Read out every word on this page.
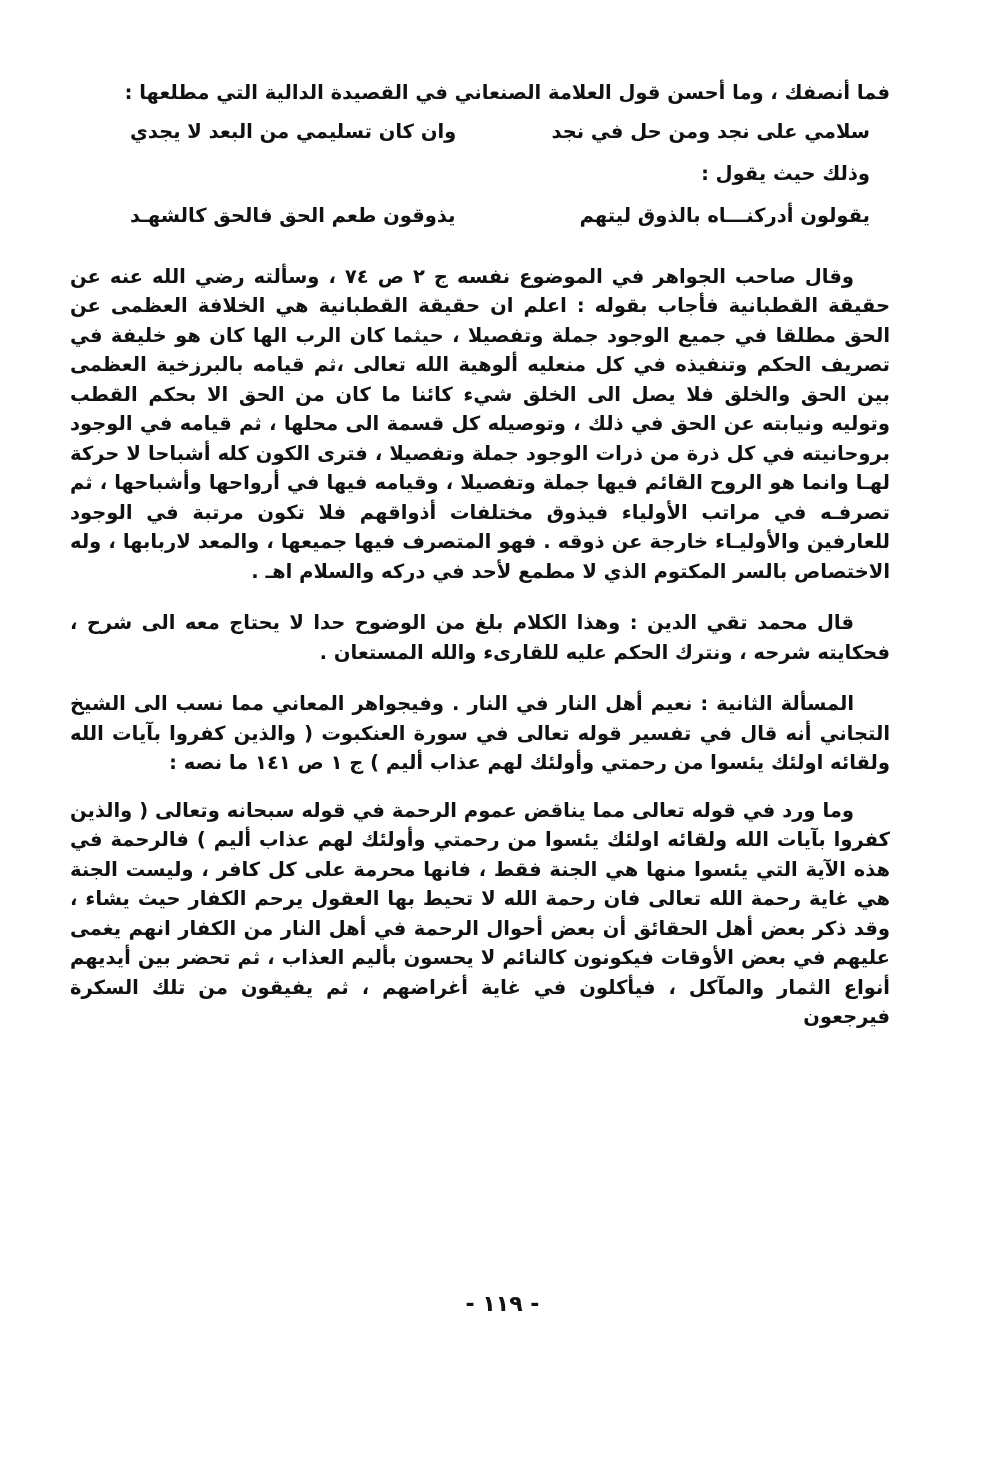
فما أنصفك ، وما أحسن قول العلامة الصنعاني في القصيدة الدالية التي مطلعها :

سلامي على نجد ومن حل في نجد
وان كان تسليمي من البعد لا يجدي

وذلك حيث يقول :

يقولون أدركنـــاه بالذوق ليتهم
يذوقون طعم الحق فالحق كالشهـد

وقال صاحب الجواهر في الموضوع نفسه ج ٢ ص ٧٤ ، وسألته رضي الله عنه عن حقيقة القطبانية فأجاب بقوله : اعلم ان حقيقة القطبانية هي الخلافة العظمى عن الحق مطلقا في جميع الوجود جملة وتفصيلا ، حيثما كان الرب الها كان هو خليفة في تصريف الحكم وتنفيذه في كل منعليه ألوهية الله تعالى ،ثم قيامه بالبرزخية العظمى بين الحق والخلق فلا يصل الى الخلق شيء كائنا ما كان من الحق الا بحكم القطب وتوليه ونيابته عن الحق في ذلك ، وتوصيله كل قسمة الى محلها ، ثم قيامه في الوجود بروحانيته في كل ذرة من ذرات الوجود جملة وتفصيلا ، فترى الكون كله أشباحا لا حركة لهـا وانما هو الروح القائم فيها جملة وتفصيلا ، وقيامه فيها في أرواحها وأشباحها ، ثم تصرفـه في مراتب الأولياء فيذوق مختلفات أذواقهم فلا تكون مرتبة في الوجود للعارفين والأوليـاء خارجة عن ذوقه . فهو المتصرف فيها جميعها ، والمعد لاربابها ، وله الاختصاص بالسر المكتوم الذي لا مطمع لأحد في دركه والسلام اهـ .

قال محمد تقي الدين : وهذا الكلام بلغ من الوضوح حدا لا يحتاج معه الى شرح ، فحكايته شرحه ، ونترك الحكم عليه للقارىء والله المستعان .

المسألة الثانية : نعيم أهل النار في النار . وفيجواهر المعاني مما نسب الى الشيخ التجاني أنه قال في تفسير قوله تعالى في سورة العنكبوت ( والذين كفروا بآيات الله ولقائه اولئك يئسوا من رحمتي وأولئك لهم عذاب أليم ) ج ١ ص ١٤١ ما نصه :

وما ورد في قوله تعالى مما يناقض عموم الرحمة في قوله سبحانه وتعالى ( والذين كفروا بآيات الله ولقائه اولئك يئسوا من رحمتي وأولئك لهم عذاب أليم ) فالرحمة في هذه الآية التي يئسوا منها هي الجنة فقط ، فانها محرمة على كل كافر ، وليست الجنة هي غاية رحمة الله تعالى فان رحمة الله لا تحيط بها العقول يرحم الكفار حيث يشاء ، وقد ذكر بعض أهل الحقائق أن بعض أحوال الرحمة في أهل النار من الكفار انهم يغمى عليهم في بعض الأوقات فيكونون كالنائم لا يحسون بأليم العذاب ، ثم تحضر بين أيديهم أنواع الثمار والمآكل ، فيأكلون في غاية أغراضهم ، ثم يفيقون من تلك السكرة فيرجعون

- ١١٩ -
